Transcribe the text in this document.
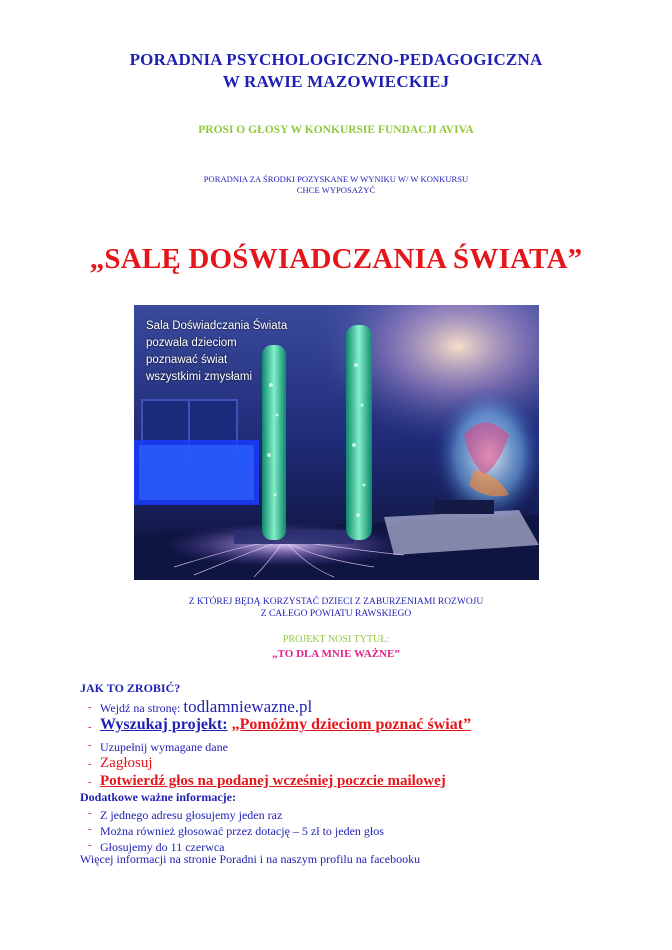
PORADNIA PSYCHOLOGICZNO-PEDAGOGICZNA
W RAWIE MAZOWIECKIEJ
PROSI O GŁOSY W KONKURSIE FUNDACJI AVIVA
PORADNIA ZA ŚRODKI POZYSKANE W WYNIKU W/ W KONKURSU
CHCE WYPOSAŻYĆ
„SALĘ DOŚWIADCZANIA ŚWIATA”
Sala Doświadczania Świata
pozwala dzieciom
poznawać świat
wszystkimi zmysłami
Z KTÓREJ BĘDĄ KORZYSTAĆ DZIECI Z ZABURZENIAMI ROZWOJU
Z CAŁEGO POWIATU RAWSKIEGO
PROJEKT NOSI TYTUŁ:
„TO DLA MNIE WAŻNE”
JAK TO ZROBIĆ?
- Wejdź na stronę: todlamniewazne.pl
- Wyszukaj projekt: „Pomóżmy dzieciom poznać świat”
- Uzupełnij wymagane dane
- Zagłosuj
- Potwierdź głos na podanej wcześniej poczcie mailowej
Dodatkowe ważne informacje:
- Z jednego adresu głosujemy jeden raz
- Można również głosować przez dotację – 5 zł to jeden głos
- Głosujemy do 11 czerwca
Więcej informacji na stronie Poradni i na naszym profilu na facebooku
